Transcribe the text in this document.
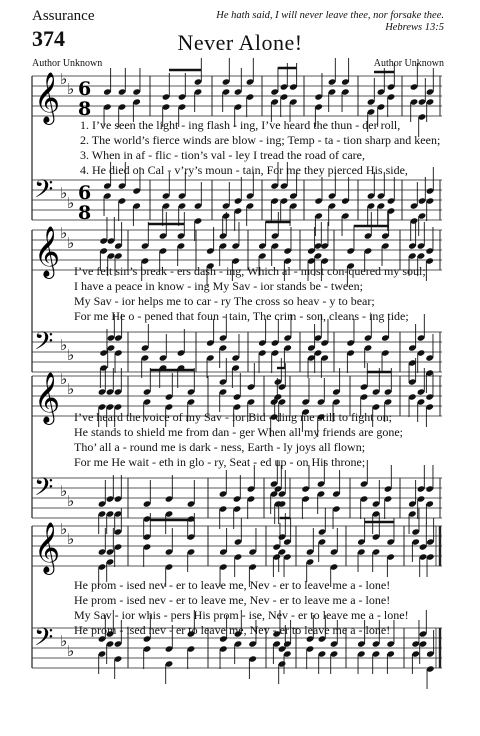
Assurance
374	Never Alone!
He hath said, I will never leave thee, nor forsake thee.
Hebrews 13:5
Author Unknown	Author Unknown
𝄞 ♭
♭ 6
8
𝄢 ♭
♭ 6
8
𝄞 ♭
♭
𝄢 ♭
♭
𝄞 ♭
♭
𝄢 ♭
♭
𝄞 ♭
♭
𝄢 ♭
♭
1. I’ve seen the light - ing flash - ing, I’ve heard the thun - der roll,
2. The world’s fierce winds are blow - ing; Temp - ta - tion sharp and keen;
3. When in af - flic - tion’s val - ley I tread the road of care,
4. He died on Cal - v’ry’s moun - tain, For me they pierced His side,
I’ve felt sin’s break - ers dash - ing, Which al - most con-quered my soul;
I have a peace in know - ing My Sav - ior stands be - tween;
My Sav - ior helps me to car - ry The cross so heav - y to bear;
For me He o - pened that foun - tain, The crim - son, cleans - ing tide;
I’ve heard the voice of my Sav - ior Bid - ding me still to fight on;
He stands to shield me from dan - ger When all my friends are gone;
Tho’ all a - round me is dark - ness, Earth - ly joys all flown;
For me He wait - eth in glo - ry, Seat - ed up - on His throne;
He prom - ised nev - er to leave me, Nev - er to leave me a - lone!
He prom - ised nev - er to leave me, Nev - er to leave me a - lone!
My Sav - ior whis - pers His prom - ise, Nev - er to leave me a - lone!
He prom - ised nev - er to leave me, Nev - er to leave me a - lone!
